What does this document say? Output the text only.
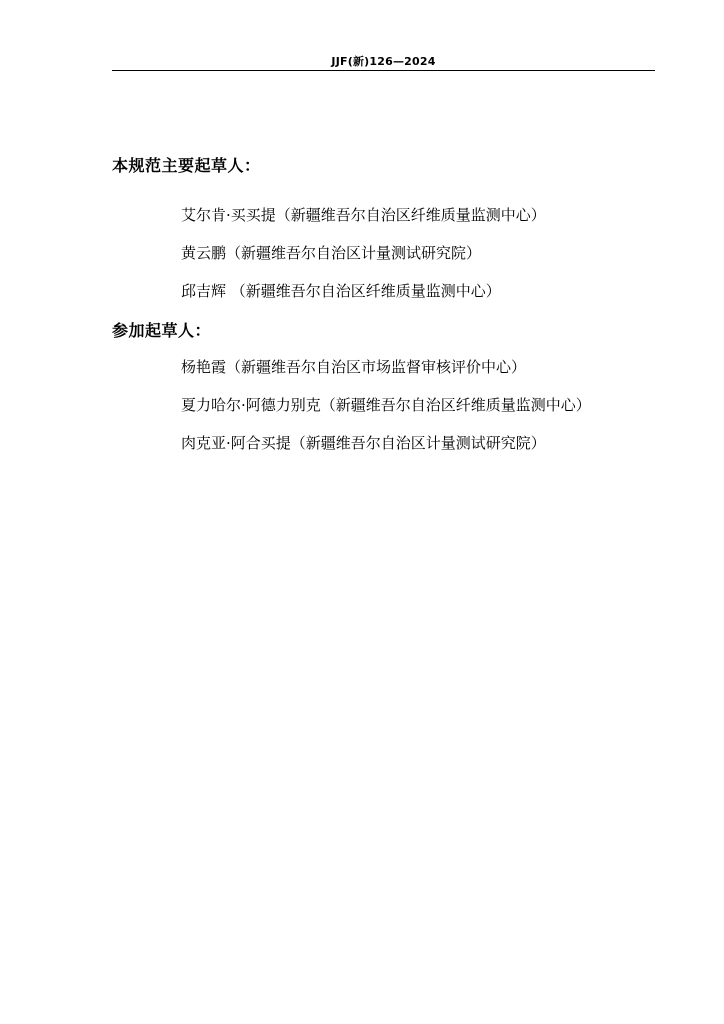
JJF(新)126—2024
本规范主要起草人：
艾尔肯·买买提（新疆维吾尔自治区纤维质量监测中心）
黄云鹏（新疆维吾尔自治区计量测试研究院）
邱吉辉 （新疆维吾尔自治区纤维质量监测中心）
参加起草人：
杨艳霞（新疆维吾尔自治区市场监督审核评价中心）
夏力哈尔·阿德力别克（新疆维吾尔自治区纤维质量监测中心）
肉克亚·阿合买提（新疆维吾尔自治区计量测试研究院）
